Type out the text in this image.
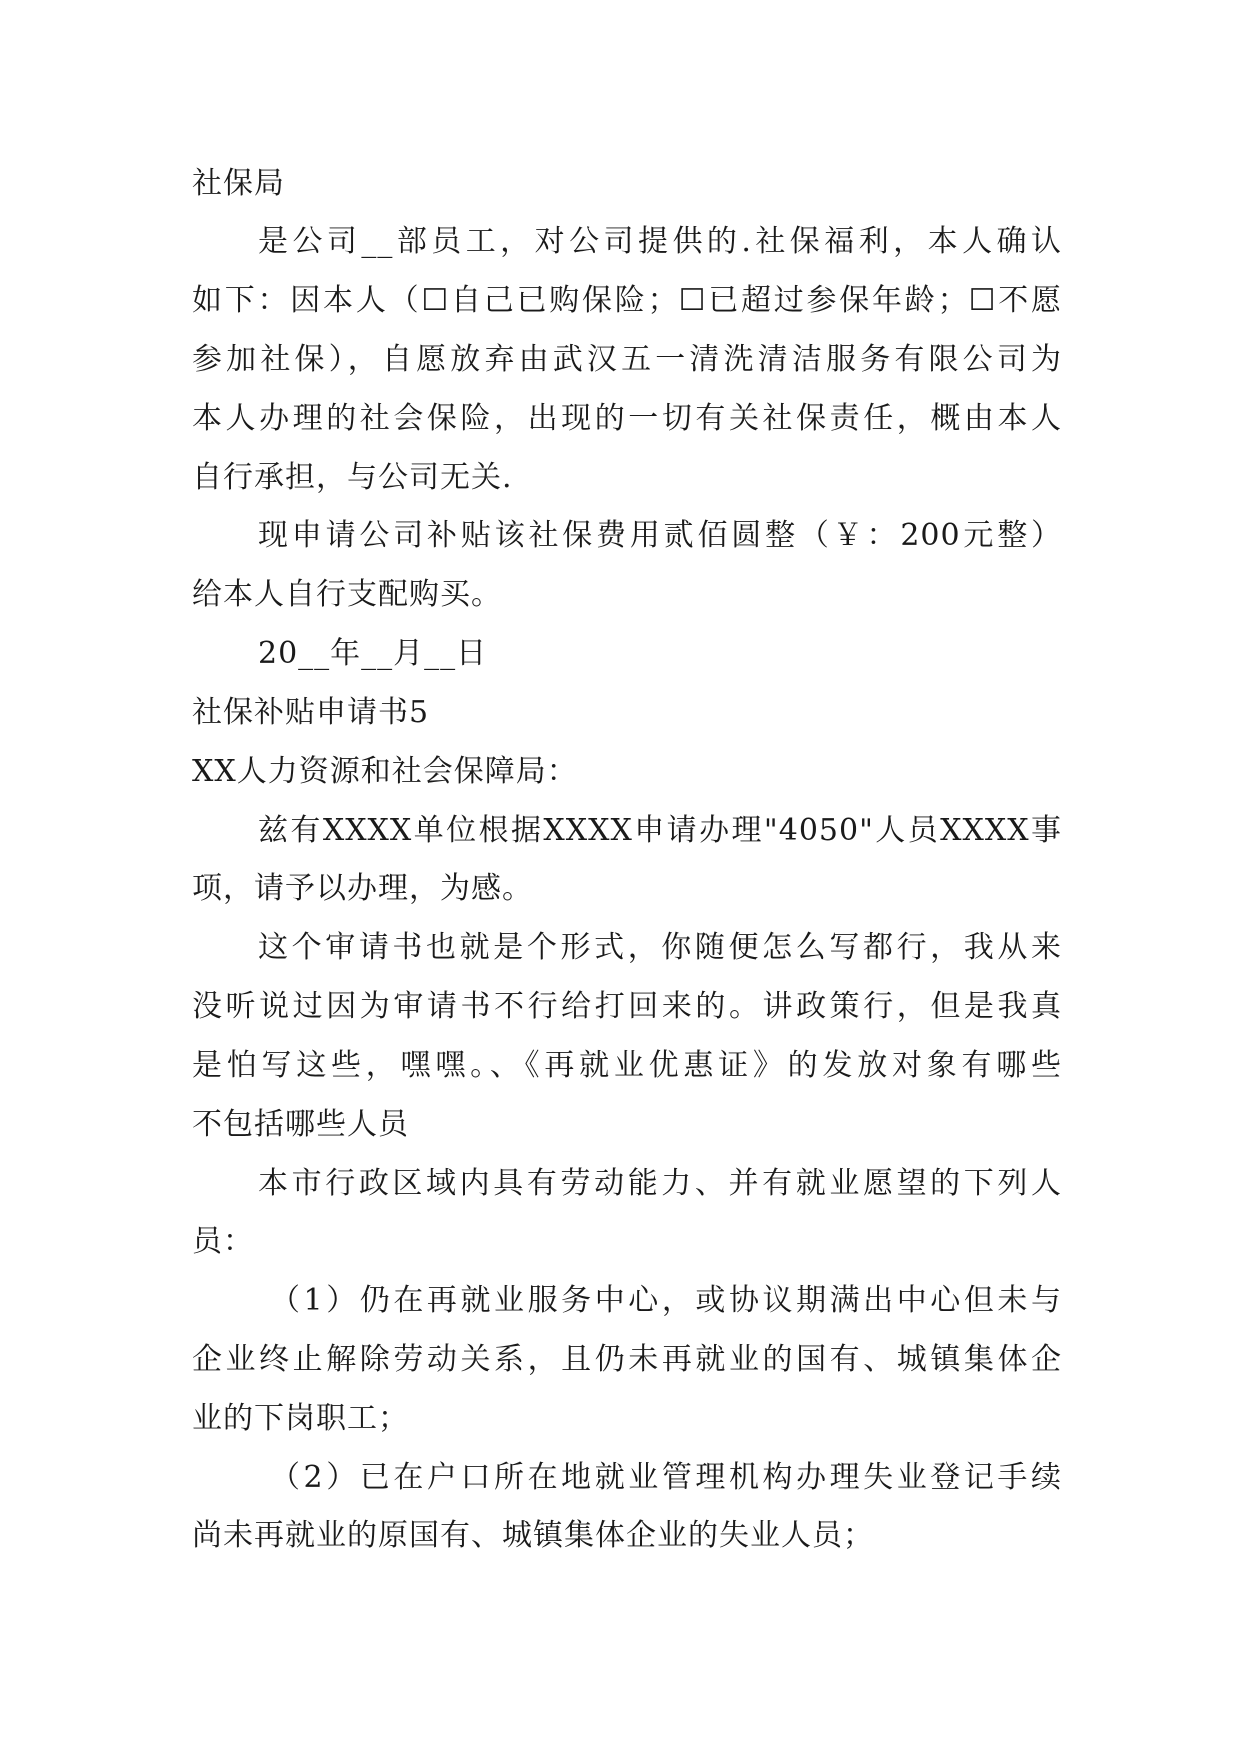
社保局
是公司__部员工，对公司提供的.社保福利，本人确认
如下：因本人（☐自己已购保险；☐已超过参保年龄；☐不愿
参加社保），自愿放弃由武汉五一清洗清洁服务有限公司为
本人办理的社会保险，出现的一切有关社保责任，概由本人
自行承担，与公司无关.
现申请公司补贴该社保费用贰佰圆整（￥：200元整）
给本人自行支配购买。
20__年__月__日
社保补贴申请书5
XX人力资源和社会保障局：
兹有XXXX单位根据XXXX申请办理"4050"人员XXXX事
项，请予以办理，为感。
这个审请书也就是个形式，你随便怎么写都行，我从来
没听说过因为审请书不行给打回来的。讲政策行，但是我真
是怕写这些，嘿嘿。、《再就业优惠证》的发放对象有哪些
不包括哪些人员
本市行政区域内具有劳动能力、并有就业愿望的下列人
员：
（1）仍在再就业服务中心，或协议期满出中心但未与
企业终止解除劳动关系，且仍未再就业的国有、城镇集体企
业的下岗职工；
（2）已在户口所在地就业管理机构办理失业登记手续
尚未再就业的原国有、城镇集体企业的失业人员；
